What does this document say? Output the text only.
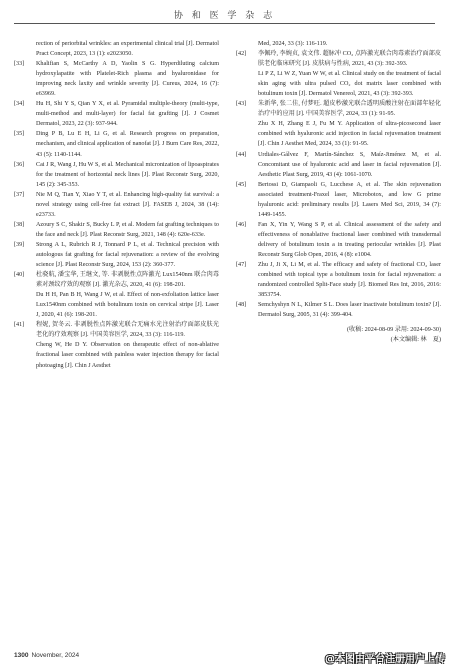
协 和 医 学 杂 志

rection of periorbital wrinkles: an experimental clinical trial [J]. Dermatol Pract Concept, 2023, 13 (1): e2023050.

[33] Khalifian S, McCarthy A D, Yaolin S G. Hyperdiluting calcium hydroxylapatite with Platelet-Rich plasma and hyaluronidase for improving neck laxity and wrinkle severity [J]. Cureus, 2024, 16 (7): e63969.

[34] Hu H, Shi Y S, Qian Y X, et al. Pyramidal multiple-theory (multi-type, multi-method and multi-layer) for facial fat grafting [J]. J Cosmet Dermatol, 2023, 22 (3): 937-944.

[35] Ding P B, Lu E H, Li G, et al. Research progress on preparation, mechanism, and clinical application of nanofat [J]. J Burn Care Res, 2022, 43 (5): 1140-1144.

[36] Cai J R, Wang J, Hu W S, et al. Mechanical micronization of lipoaspirates for the treatment of horizontal neck lines [J]. Plast Reconstr Surg, 2020, 145 (2): 345-353.

[37] Nie M Q, Tian Y, Xiao Y T, et al. Enhancing high-quality fat survival: a novel strategy using cell-free fat extract [J]. FASEB J, 2024, 38 (14): e23733.

[38] Azoury S C, Shakir S, Bucky L P, et al. Modern fat grafting techniques to the face and neck [J]. Plast Reconstr Surg, 2021, 148 (4): 620e-633e.

[39] Strong A L, Rubrich R J, Tonnard P L, et al. Technical precision with autologous fat grafting for facial rejuvenation: a review of the evolving science [J]. Plast Reconstr Surg, 2024, 153 (2): 360-377.

[40] 杜骁航, 潘宝华, 王继文, 等. 非剥脱性点阵激光 Lux1540nm 联合肉毒素对颈纹疗效的观察 [J]. 激光杂志, 2020, 41 (6): 198-201.

Du H H, Pan B H, Wang J W, et al. Effect of non-exfoliation lattice laser Lux1540nm combined with botulinum toxin on cervical stripe [J]. Laser J, 2020, 41 (6): 198-201.

[41] 程妮, 贺冬云. 非剥脱性点阵激光联合无痛水光注射治疗面部皮肤光老化的疗效观察 [J]. 中国美容医学, 2024, 33 (3): 116-119.

Cheng W, He D Y. Observation on therapeutic effect of non-ablative fractional laser combined with painless water injection therapy for facial photoaging [J]. Chin J Aesthet

Med, 2024, 33 (3): 116-119.

[42] 李佩玲, 李婉贞, 袁文伟. 超脉冲 CO₂ 点阵激光联合肉毒素治疗面部皮肤老化临床研究 [J]. 皮肤病与性病, 2021, 43 (3): 392-393.

Li P Z, Li W Z, Yuan W W, et al. Clinical study on the treatment of facial skin aging with ultra pulsed CO₂ dot matrix laser combined with botulinum toxin [J]. Dermatol Venereol, 2021, 43 (3): 392-393.

[43] 朱新华, 张二佳, 付梦旺. 超皮秒激光联合透明质酸注射在面部年轻化治疗中的应用 [J]. 中国美容医学, 2024, 33 (1): 91-95.

Zhu X H, Zhang E J, Fu M Y. Application of ultra-picosecond laser combined with hyaluronic acid injection in facial rejuvenation treatment [J]. Chin J Aesthet Med, 2024, 33 (1): 91-95.

[44] Urdiales-Gálvez F, Martín-Sánchez S, Maíz-Jiménez M, et al. Concomitant use of hyaluronic acid and laser in facial rejuvenation [J]. Aesthetic Plast Surg, 2019, 43 (4): 1061-1070.

[45] Bertossi D, Giampaoli G, Lucchese A, et al. The skin rejuvenation associated treatment-Fraxel laser, Microbotox, and low G prime hyaluronic acid: preliminary results [J]. Lasers Med Sci, 2019, 34 (7): 1449-1455.

[46] Fan X, Yin Y, Wang S P, et al. Clinical assessment of the safety and effectiveness of nonablative fractional laser combined with transdermal delivery of botulinum toxin a in treating periocular wrinkles [J]. Plast Reconstr Surg Glob Open, 2016, 4 (8): e1004.

[47] Zhu J, Ji X, Li M, et al. The efficacy and safety of fractional CO₂ laser combined with topical type a botulinum toxin for facial rejuvenation: a randomized controlled Split-Face study [J]. Biomed Res Int, 2016, 2016: 3853754.

[48] Semchyshyn N L, Kilmer S L. Does laser inactivate botulinum toxin? [J]. Dermatol Surg, 2005, 31 (4): 399-404.

(收稿: 2024-08-09 录用: 2024-09-30)
(本文编辑: 林　夏)
1300 November, 2024	@本图由平台注册用户上传
